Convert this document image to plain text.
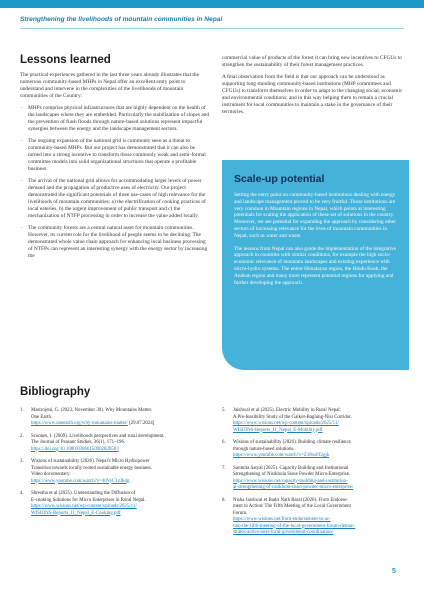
Strengthening the livelihoods of mountain communities in Nepal
Lessons learned

The practical experiences gathered in the last three years already illustrates that the numerous community-based MHPs in Nepal offer an excellent entry point to understand and intervene in the complexities of the livelihoods of mountain communities of the Country:

· MHPs comprise physical infrastructures that are highly dependent on the health of the landscapes where they are embedded. Particularly the stabilization of slopes and the prevention of flash floods through nature-based solutions represent impactful synergies between the energy and the landscape management sectors.
· The ongoing expansion of the national grid is commonly seen as a threat to community-based MHPs. But our project has demonstrated that it can also be turned into a strong incentive to transform those commonly weak and semi-formal committee models into solid organizational structures that operate a profitable business.
· The arrival of the national grid allows for accommodating larger levels of power demand and the propagation of productive uses of electricity. Our project demonstrated the significant potentials of three use-cases of high relevance for the livelihoods of mountain communities: a) the electrification of cooking practices of local eateries, b) the urgent improvement of public transport and c) the mechanization of NTFP processing in order to increase the value added locally.
· The community forests are a central natural asset for mountain communities. However, its current role for the livelihood of people seems to be declining. The demonstrated whole value chain approach for enhancing local business processing of NTFPs can represent an interesting synergy with the energy sector by increasing the

commercial value of products of the forest it can bring new incentives to CFGUs to strengthen the sustainability of their forest management practices.

A final observation from the field is that our approach can be understood as supporting long standing community-based institutions (MHP committees and CFGUs) to transform themselves in order to adapt to the changing social, economic and environmental conditions; and in this way helping them to remain a crucial instrument for local communities to maintain a stake in the governance of their territories.

Scale-up potential

Setting the entry point on community-based institutions dealing with energy and landscape management proved to be very fruitful. Those institutions are very common in Mountain regions in Nepal, which points at interesting potentials for scaling the application of these set of solutions in the country. Moreover, we see potential for expanding the approach by considering other sectors of increasing relevance for the lives of mountain communities in Nepal, such as water and waste.

The lessons from Nepal can also guide the implementation of the integrative approach in countries with similar conditions, for example the high socio-economic relevance of mountain landscapes and existing experience with micro-hydro systems. The entire Himalayan region, the Hindu Kush, the Andean region and many more represent potential regions for applying and further developing the approach.

Bibliography
1. Mastrojeni, G. (2023, November 30). Why Mountains Matter.
One Earth.
https://www.oneearth.org/why-mountains-matter/ [29.07.2024]
2. Scoones, I. (2009). Livelihoods perspectives and rural development.
The Journal of Peasant Studies, 36(1), 171–196.
https://doi.org/10.1080/03066150902820503
3. Wisions of sustainability (2026). Nepal's Micro Hydropower
Transition towards locally rooted sustainable energy business.
Video documentary:
https://www.youtube.com/watch?v=40VyC1zJkdg
4. Shrestha et al (2025). Understanding the Diffusion of
E-cooking Solutions for Micro Enterprises in Rural Nepal.
https://www.wisions.net/wp-content/uploads/2025/11/
WISIONS-Reports_I1_Nepal_E-Cooking.pdf
5. Jaishwal et al (2025). Electric Mobility in Rural Nepal:
A Pre-feasibility Study of the Galkot-Baglung-Nisi Corridor.
https://www.wisions.net/wp-content/uploads/2025/11/
WISIONS-Reports_I1_Nepal_E-Mobility.pdf
6. Wisions of sustainability (2026). Building climate resilience
through nature-based solutions.
https://www.youtube.com/watch?v=Z18xsFf2gjk
7. Sunmita Satyal (2025). Capacity Building and Institutional
Strengthening of Nisikhola Sisne Powder Micro-Enterprise.
https://www.wisions.net/capacity-building-and-institution-
al-strengthening-of-nisikhola-sisno-powder-micro-enterprise/
8. Nisha Jaishwal et Badri Nath Baral (2026). From Endorse-
ment to Action: The Fifth Meeting of the Local Government
Forum.
https://www.wisions.net/from-endorsement-to-ac-
tion-the-fifth-meeting-of-the-local-government-forum-demon-
strates-active-inter-local-government-coordination/
5
